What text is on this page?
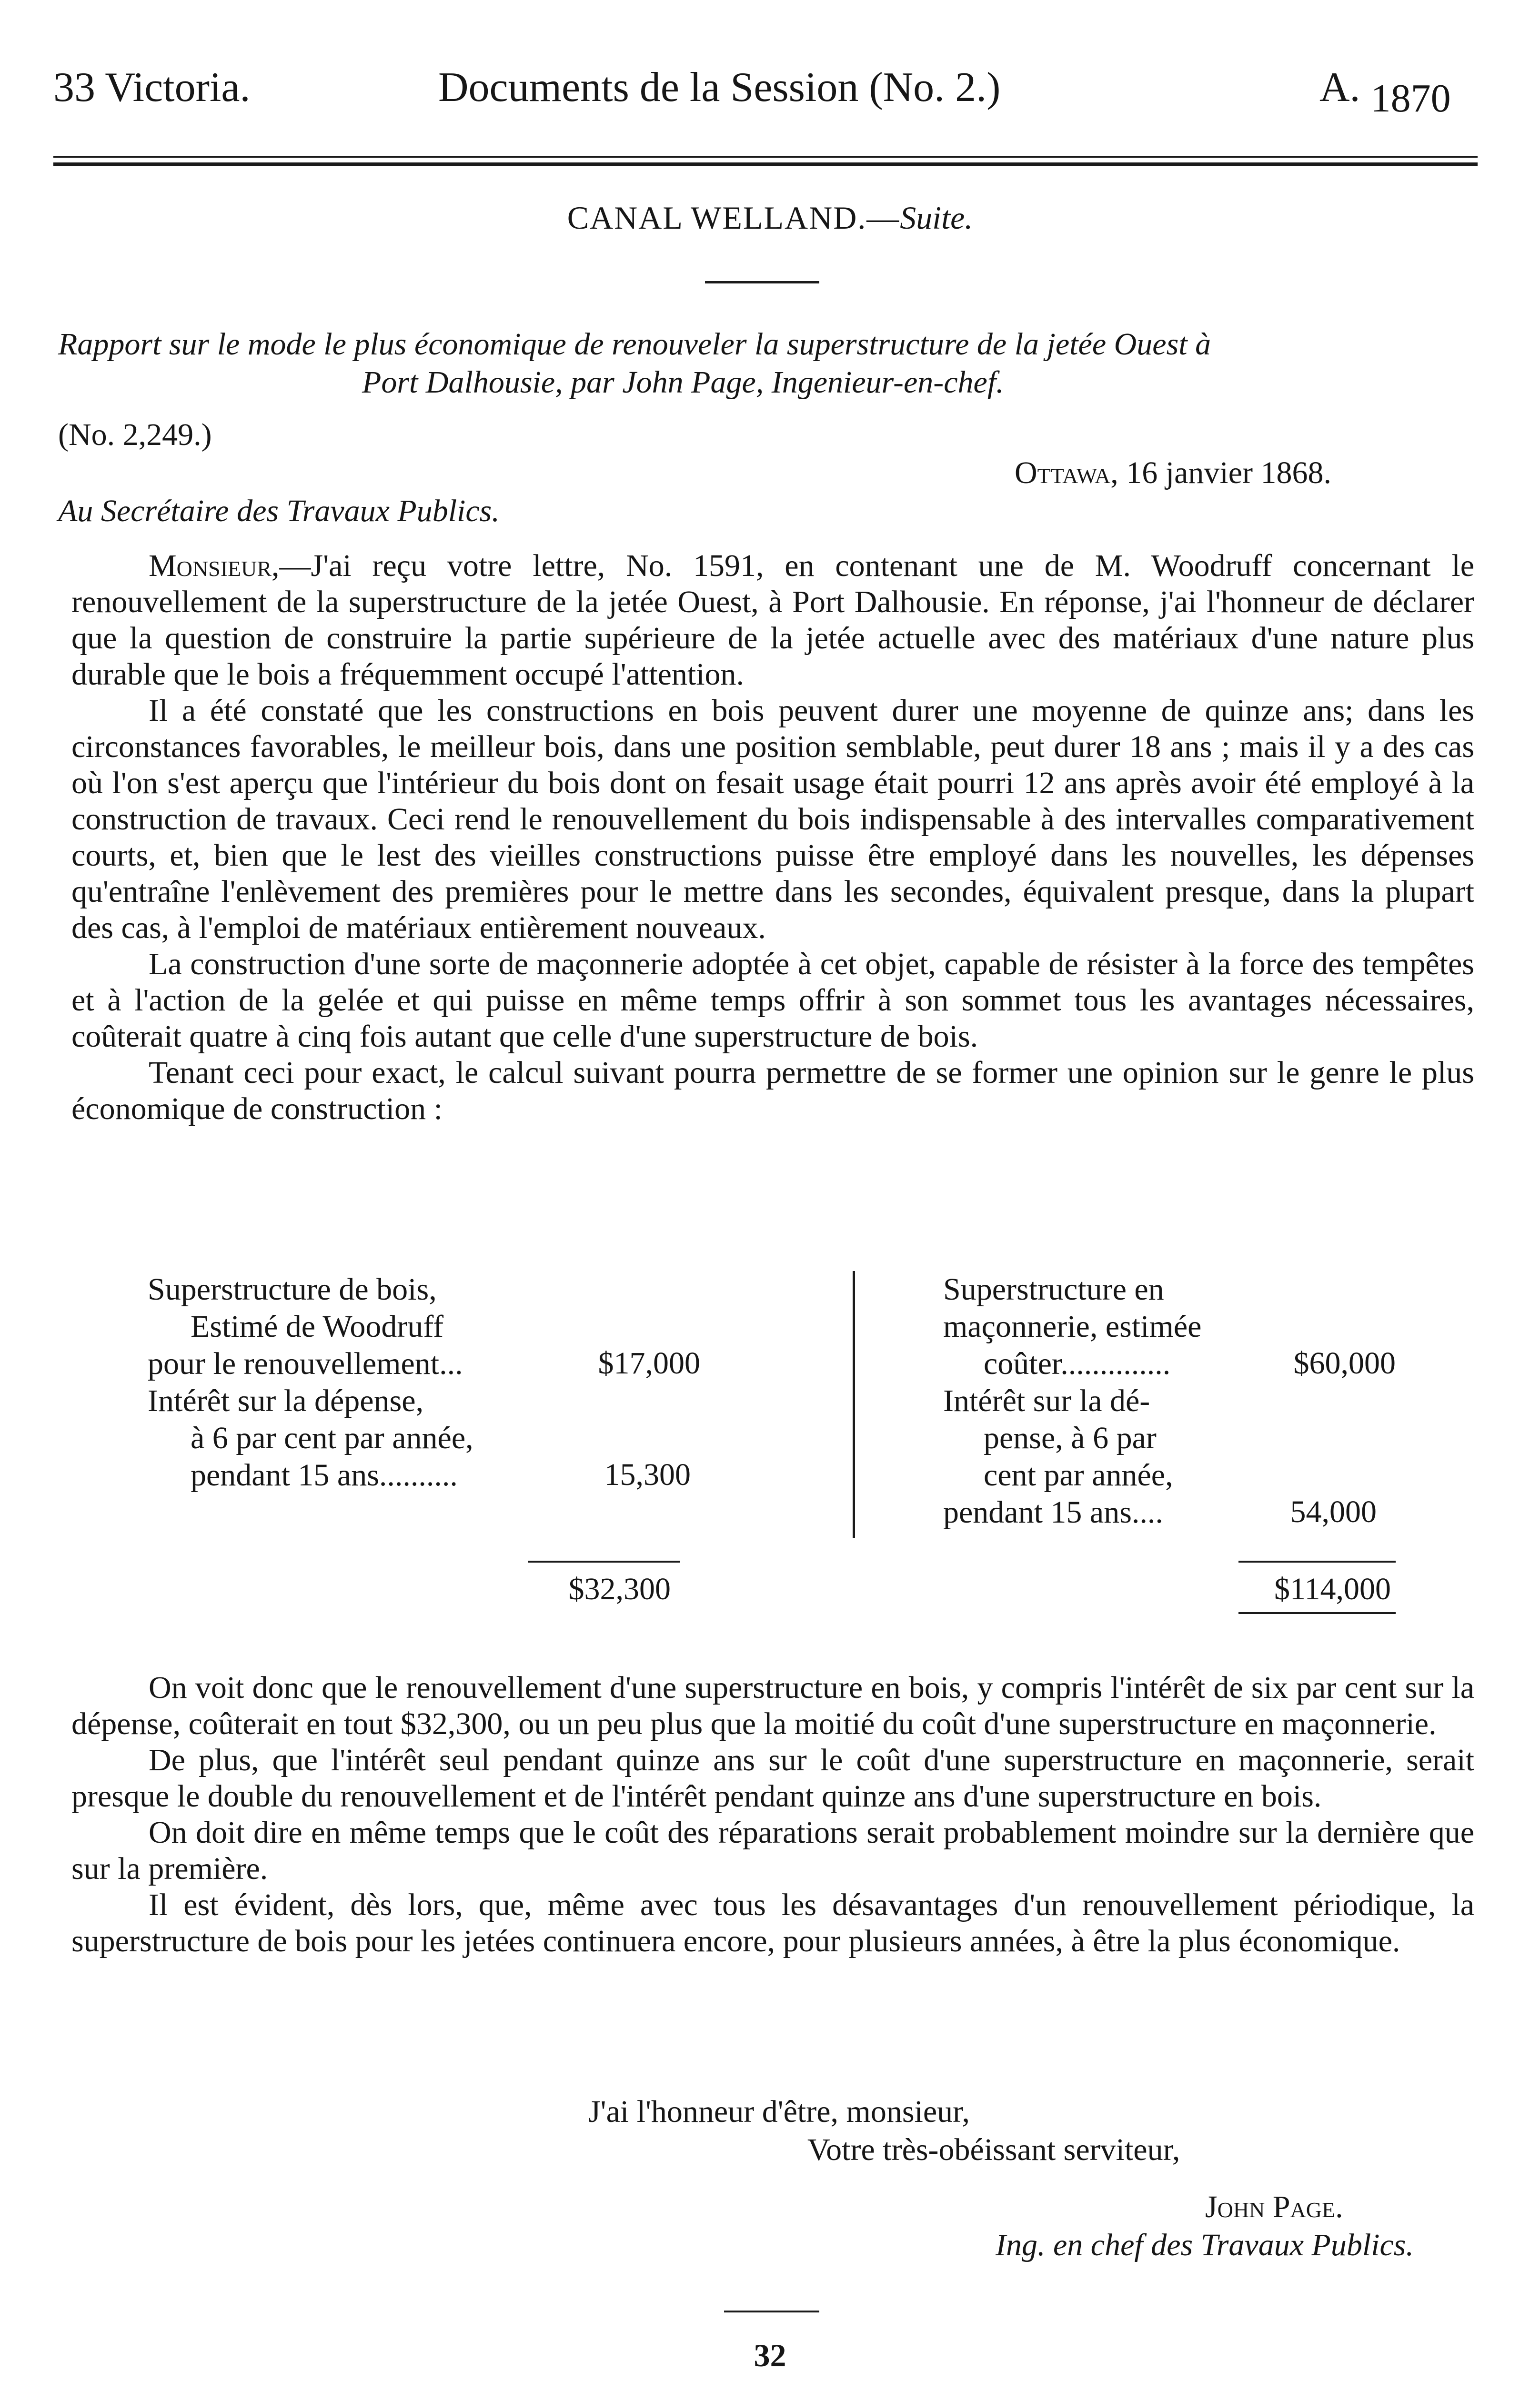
33 Victoria.	Documents de la Session (No. 2.)	A. 1870
CANAL WELLAND.—Suite.
Rapport sur le mode le plus économique de renouveler la superstructure de la jetée Ouest à
Port Dalhousie, par John Page, Ingenieur-en-chef.
(No. 2,249.)
Ottawa, 16 janvier 1868.
Au Secrétaire des Travaux Publics.

Monsieur,—J'ai reçu votre lettre, No. 1591, en contenant une de M. Woodruff concernant le renouvellement de la superstructure de la jetée Ouest, à Port Dalhousie. En réponse, j'ai l'honneur de déclarer que la question de construire la partie supérieure de la jetée actuelle avec des matériaux d'une nature plus durable que le bois a fréquemment occupé l'attention.

Il a été constaté que les constructions en bois peuvent durer une moyenne de quinze ans; dans les circonstances favorables, le meilleur bois, dans une position semblable, peut durer 18 ans ; mais il y a des cas où l'on s'est aperçu que l'intérieur du bois dont on fesait usage était pourri 12 ans après avoir été employé à la construction de travaux. Ceci rend le renouvellement du bois indispensable à des intervalles comparativement courts, et, bien que le lest des vieilles constructions puisse être employé dans les nouvelles, les dépenses qu'entraîne l'enlèvement des premières pour le mettre dans les secondes, équivalent presque, dans la plupart des cas, à l'emploi de matériaux entièrement nouveaux.

La construction d'une sorte de maçonnerie adoptée à cet objet, capable de résister à la force des tempêtes et à l'action de la gelée et qui puisse en même temps offrir à son sommet tous les avantages nécessaires, coûterait quatre à cinq fois autant que celle d'une superstructure de bois.

Tenant ceci pour exact, le calcul suivant pourra permettre de se former une opinion sur le genre le plus économique de construction :

Superstructure de bois,
Estimé de Woodruff
pour le renouvellement...
Intérêt sur la dépense,
à 6 par cent par année,
pendant 15 ans..........
$17,000
15,300
$32,300
Superstructure en
maçonnerie, estimée
coûter..............
Intérêt sur la dé-
pense, à 6 par
cent par année,
pendant 15 ans....
$60,000
54,000
$114,000

On voit donc que le renouvellement d'une superstructure en bois, y compris l'intérêt de six par cent sur la dépense, coûterait en tout $32,300, ou un peu plus que la moitié du coût d'une superstructure en maçonnerie.

De plus, que l'intérêt seul pendant quinze ans sur le coût d'une superstructure en maçonnerie, serait presque le double du renouvellement et de l'intérêt pendant quinze ans d'une superstructure en bois.

On doit dire en même temps que le coût des réparations serait probablement moindre sur la dernière que sur la première.

Il est évident, dès lors, que, même avec tous les désavantages d'un renouvellement périodique, la superstructure de bois pour les jetées continuera encore, pour plusieurs années, à être la plus économique.

J'ai l'honneur d'être, monsieur,
Votre très-obéissant serviteur,
John Page.
Ing. en chef des Travaux Publics.
32
